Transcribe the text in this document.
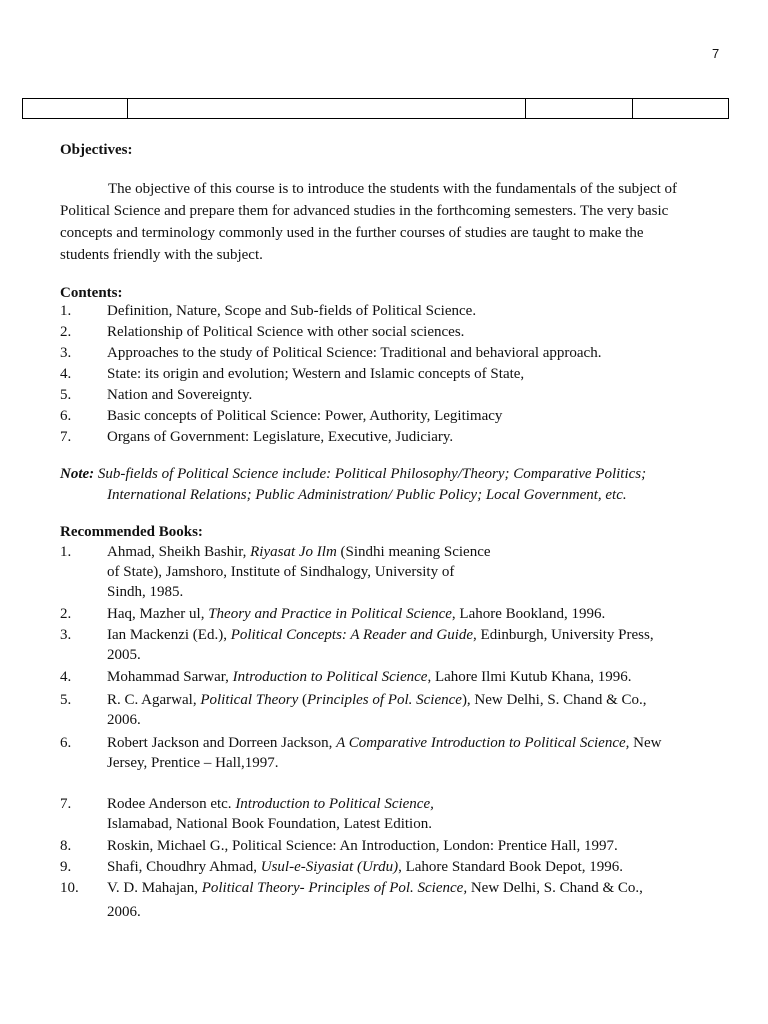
7

Objectives:

The objective of this course is to introduce the students with the fundamentals of the subject of Political Science and prepare them for advanced studies in the forthcoming semesters. The very basic concepts and terminology commonly used in the further courses of studies are taught to make the students friendly with the subject.

Contents:
1. Definition, Nature, Scope and Sub-fields of Political Science.
2. Relationship of Political Science with other social sciences.
3. Approaches to the study of Political Science: Traditional and behavioral approach.
4. State: its origin and evolution; Western and Islamic concepts of State,
5. Nation and Sovereignty.
6. Basic concepts of Political Science: Power, Authority, Legitimacy
7. Organs of Government: Legislature, Executive, Judiciary.

Note: Sub-fields of Political Science include: Political Philosophy/Theory; Comparative Politics;
International Relations; Public Administration/ Public Policy; Local Government, etc.

Recommended Books:
1. Ahmad, Sheikh Bashir, Riyasat Jo Ilm (Sindhi meaning Science
of State), Jamshoro, Institute of Sindhalogy, University of
Sindh, 1985.
2. Haq, Mazher ul, Theory and Practice in Political Science, Lahore Bookland, 1996.
3. Ian Mackenzi (Ed.), Political Concepts: A Reader and Guide, Edinburgh, University Press,
2005.
4. Mohammad Sarwar, Introduction to Political Science, Lahore Ilmi Kutub Khana, 1996.
5. R. C. Agarwal, Political Theory (Principles of Pol. Science), New Delhi, S. Chand & Co.,
2006.
6. Robert Jackson and Dorreen Jackson, A Comparative Introduction to Political Science, New
Jersey, Prentice – Hall,1997.
7. Rodee Anderson etc. Introduction to Political Science,
Islamabad, National Book Foundation, Latest Edition.
8. Roskin, Michael G., Political Science: An Introduction, London: Prentice Hall, 1997.
9. Shafi, Choudhry Ahmad, Usul-e-Siyasiat (Urdu), Lahore Standard Book Depot, 1996.
10. V. D. Mahajan, Political Theory- Principles of Pol. Science, New Delhi, S. Chand & Co.,
2006.
